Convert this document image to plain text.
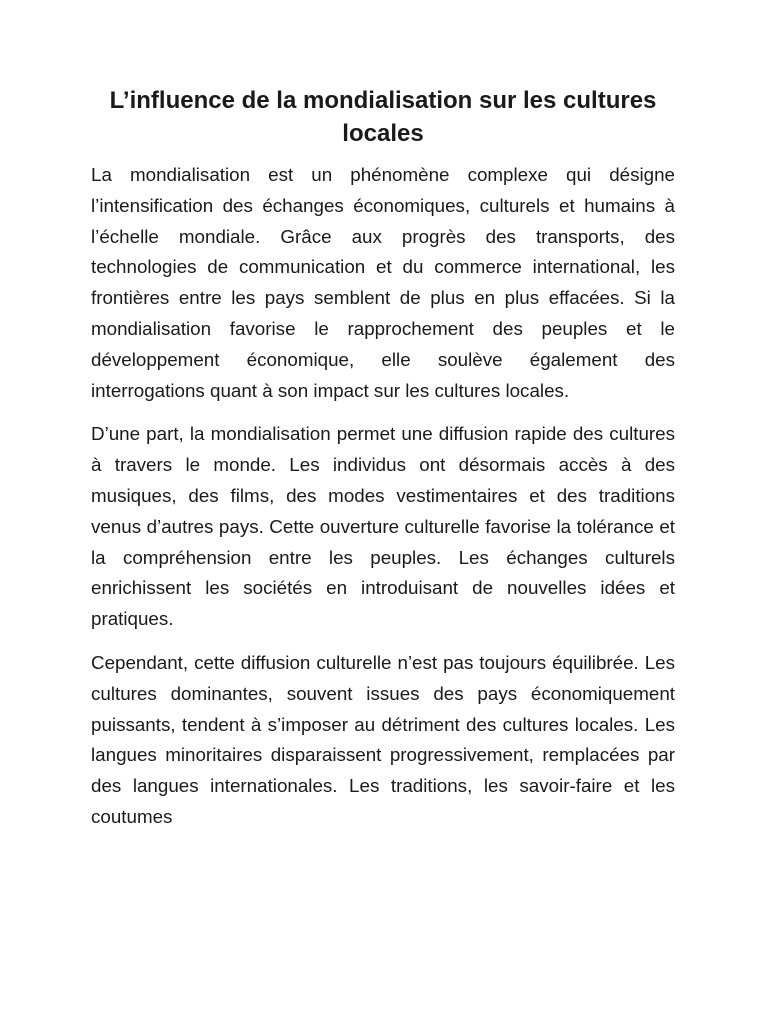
L’influence de la mondialisation sur les cultures locales

La mondialisation est un phénomène complexe qui désigne l’intensification des échanges économiques, culturels et humains à l’échelle mondiale. Grâce aux progrès des transports, des technologies de communication et du commerce international, les frontières entre les pays semblent de plus en plus effacées. Si la mondialisation favorise le rapprochement des peuples et le développement économique, elle soulève également des interrogations quant à son impact sur les cultures locales.

D’une part, la mondialisation permet une diffusion rapide des cultures à travers le monde. Les individus ont désormais accès à des musiques, des films, des modes vestimentaires et des traditions venus d’autres pays. Cette ouverture culturelle favorise la tolérance et la compréhension entre les peuples. Les échanges culturels enrichissent les sociétés en introduisant de nouvelles idées et pratiques.

Cependant, cette diffusion culturelle n’est pas toujours équilibrée. Les cultures dominantes, souvent issues des pays économiquement puissants, tendent à s’imposer au détriment des cultures locales. Les langues minoritaires disparaissent progressivement, remplacées par des langues internationales. Les traditions, les savoir-faire et les coutumes
